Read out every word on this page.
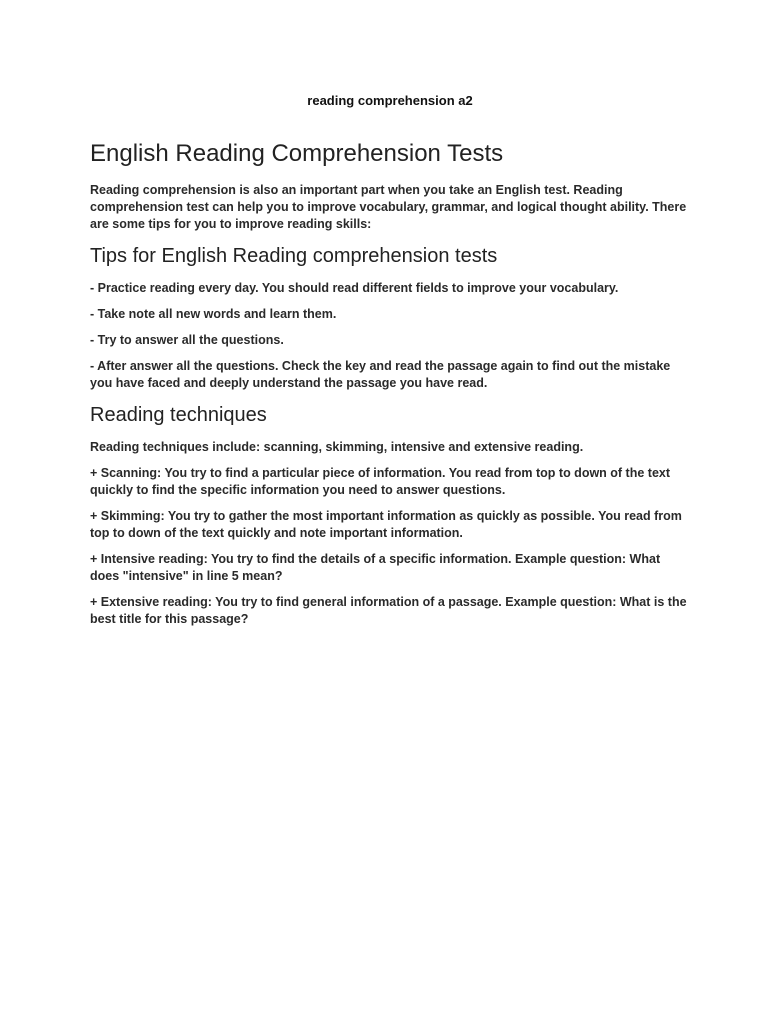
reading comprehension a2

English Reading Comprehension Tests

Reading comprehension is also an important part when you take an English test. Reading comprehension test can help you to improve vocabulary, grammar, and logical thought ability. There are some tips for you to improve reading skills:

Tips for English Reading comprehension tests

- Practice reading every day. You should read different fields to improve your vocabulary.

- Take note all new words and learn them.

- Try to answer all the questions.

- After answer all the questions. Check the key and read the passage again to find out the mistake you have faced and deeply understand the passage you have read.

Reading techniques

Reading techniques include: scanning, skimming, intensive and extensive reading.

+ Scanning: You try to find a particular piece of information. You read from top to down of the text quickly to find the specific information you need to answer questions.

+ Skimming: You try to gather the most important information as quickly as possible. You read from top to down of the text quickly and note important information.

+ Intensive reading: You try to find the details of a specific information. Example question: What does "intensive" in line 5 mean?

+ Extensive reading: You try to find general information of a passage. Example question: What is the best title for this passage?
